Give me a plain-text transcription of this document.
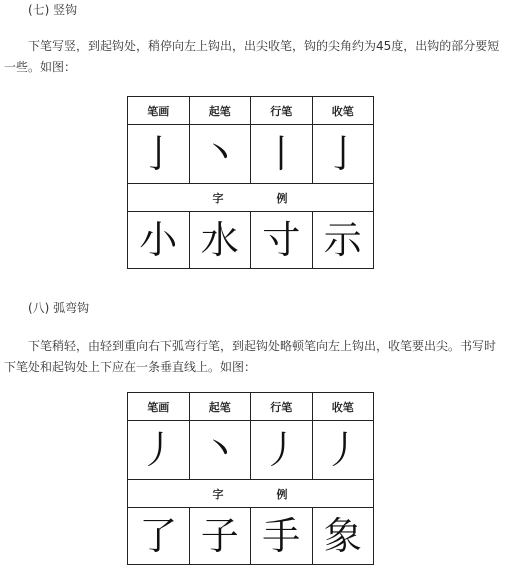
(七) 竖钩

下笔写竖，到起钩处，稍停向左上钩出，出尖收笔，钩的尖角约为45度，出钩的部分要短一些。如图：

笔画	起笔	行笔	收笔
亅	丶	丨	亅

字 例			

小	水	寸	示
(八) 弧弯钩

下笔稍轻，由轻到重向右下弧弯行笔，到起钩处略顿笔向左上钩出，收笔要出尖。书写时下笔处和起钩处上下应在一条垂直线上。如图：

笔画	起笔	行笔	收笔
丿	丶	丿	丿

字 例			

了	子	手	象
